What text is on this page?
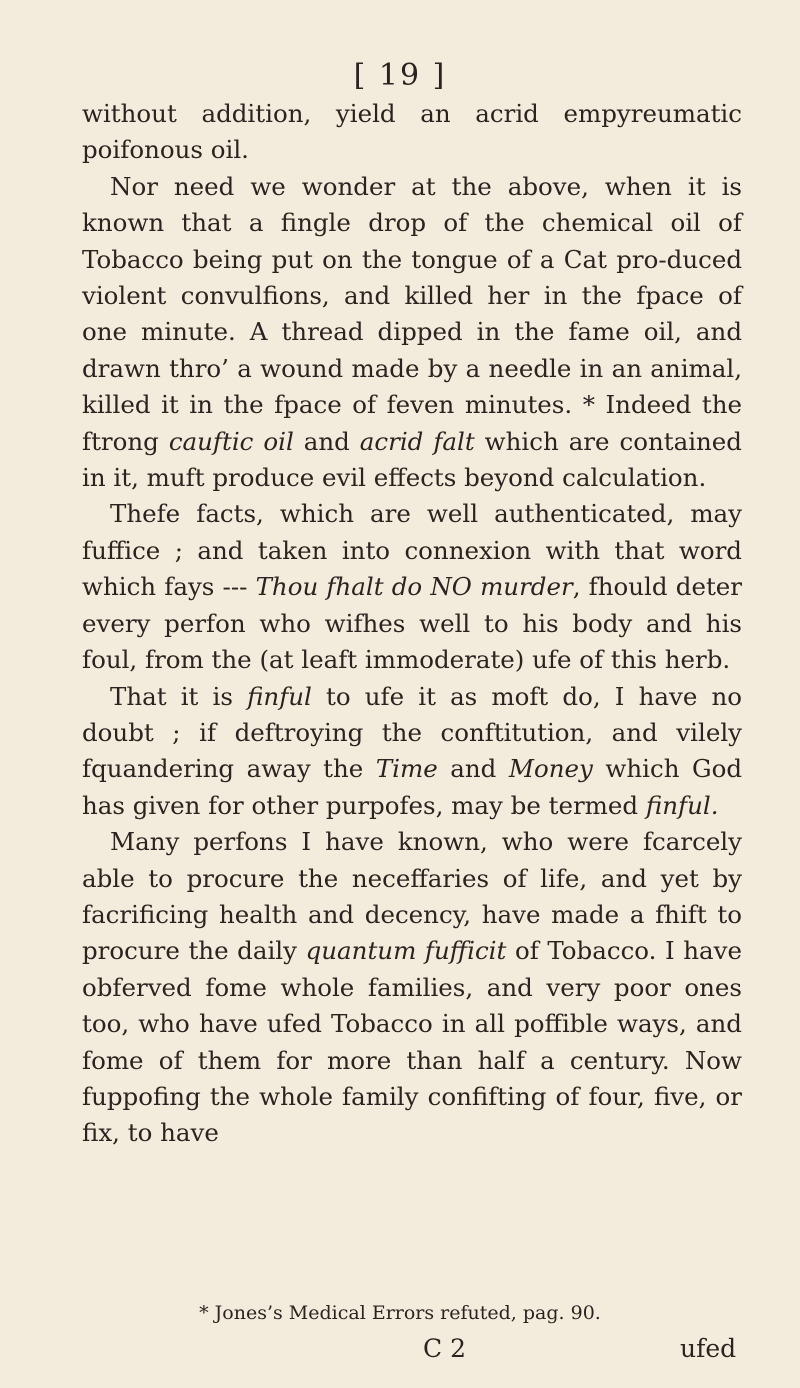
[ 19 ]

without addition, yield an acrid empyreumatic poifonous oil.

Nor need we wonder at the above, when it is known that a fingle drop of the chemical oil of Tobacco being put on the tongue of a Cat pro-duced violent convulfions, and killed her in the fpace of one minute. A thread dipped in the fame oil, and drawn thro’ a wound made by a needle in an animal, killed it in the fpace of feven minutes. * Indeed the ftrong cauftic oil and acrid falt which are contained in it, muft produce evil effects beyond calculation.

Thefe facts, which are well authenticated, may fuffice ; and taken into connexion with that word which fays --- Thou fhalt do NO murder, fhould deter every perfon who wifhes well to his body and his foul, from the (at leaft immoderate) ufe of this herb.

That it is finful to ufe it as moft do, I have no doubt ; if deftroying the conftitution, and vilely fquandering away the Time and Money which God has given for other purpofes, may be termed finful.

Many perfons I have known, who were fcarcely able to procure the neceffaries of life, and yet by facrificing health and decency, have made a fhift to procure the daily quantum fufficit of Tobacco. I have obferved fome whole families, and very poor ones too, who have ufed Tobacco in all poffible ways, and fome of them for more than half a century. Now fuppofing the whole family confifting of four, five, or fix, to have

* Jones’s Medical Errors refuted, pag. 90.
C 2	ufed
